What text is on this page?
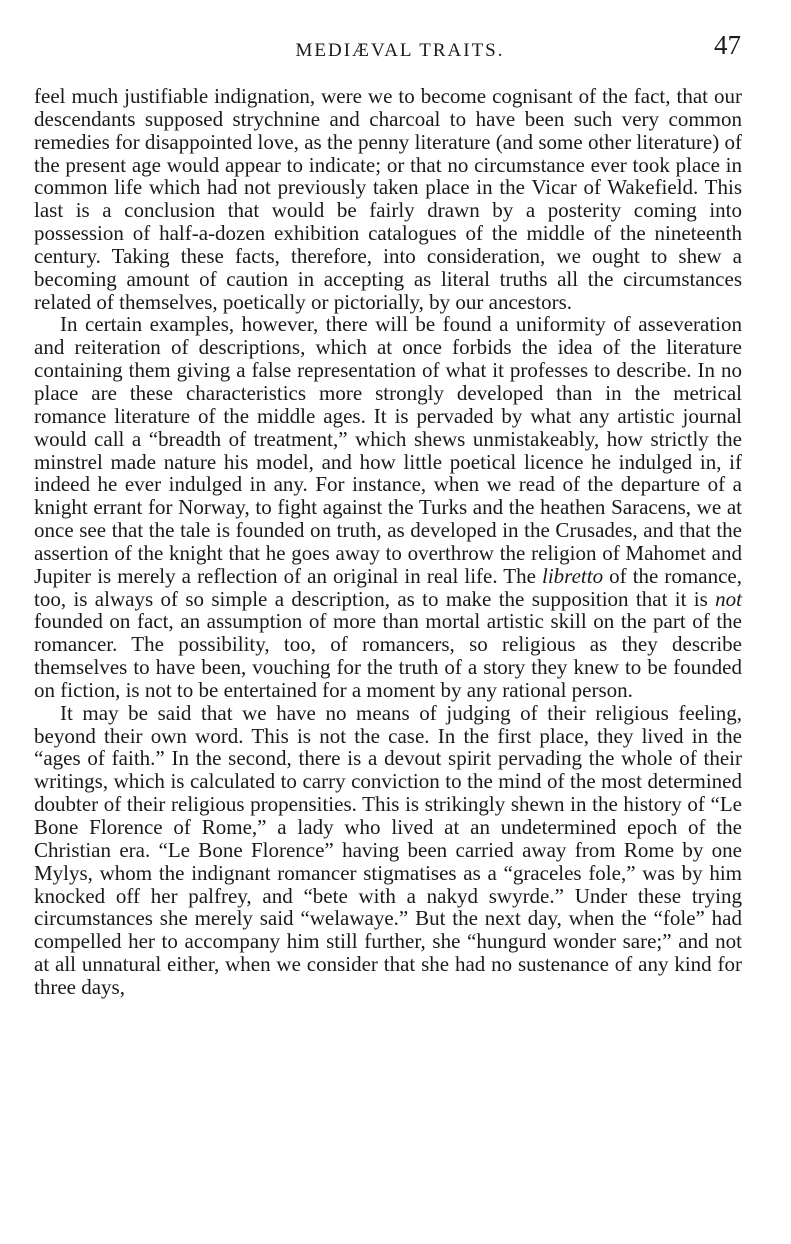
MEDIÆVAL TRAITS.	47

feel much justifiable indignation, were we to become cognisant of the fact, that our descendants supposed strychnine and charcoal to have been such very common remedies for disappointed love, as the penny literature (and some other literature) of the present age would appear to indicate; or that no circumstance ever took place in common life which had not previously taken place in the Vicar of Wakefield. This last is a conclusion that would be fairly drawn by a posterity coming into possession of half-a-dozen exhibition catalogues of the middle of the nineteenth century. Taking these facts, therefore, into consideration, we ought to shew a becoming amount of caution in accepting as literal truths all the circumstances related of themselves, poetically or pictorially, by our ancestors.

In certain examples, however, there will be found a uniformity of asseveration and reiteration of descriptions, which at once forbids the idea of the literature containing them giving a false representation of what it professes to describe. In no place are these characteristics more strongly developed than in the metrical romance literature of the middle ages. It is pervaded by what any artistic journal would call a “breadth of treatment,” which shews unmistakeably, how strictly the minstrel made nature his model, and how little poetical licence he indulged in, if indeed he ever indulged in any. For instance, when we read of the departure of a knight errant for Norway, to fight against the Turks and the heathen Saracens, we at once see that the tale is founded on truth, as developed in the Crusades, and that the assertion of the knight that he goes away to overthrow the religion of Mahomet and Jupiter is merely a reflection of an original in real life. The libretto of the romance, too, is always of so simple a description, as to make the supposition that it is not founded on fact, an assumption of more than mortal artistic skill on the part of the romancer. The possibility, too, of romancers, so religious as they describe themselves to have been, vouching for the truth of a story they knew to be founded on fiction, is not to be entertained for a moment by any rational person.

It may be said that we have no means of judging of their religious feeling, beyond their own word. This is not the case. In the first place, they lived in the “ages of faith.” In the second, there is a devout spirit pervading the whole of their writings, which is calculated to carry conviction to the mind of the most determined doubter of their religious propensities. This is strikingly shewn in the history of “Le Bone Florence of Rome,” a lady who lived at an undetermined epoch of the Christian era. “Le Bone Florence” having been carried away from Rome by one Mylys, whom the indignant romancer stigmatises as a “graceles fole,” was by him knocked off her palfrey, and “bete with a nakyd swyrde.” Under these trying circumstances she merely said “welawaye.” But the next day, when the “fole” had compelled her to accompany him still further, she “hungurd wonder sare;” and not at all unnatural either, when we consider that she had no sustenance of any kind for three days,
